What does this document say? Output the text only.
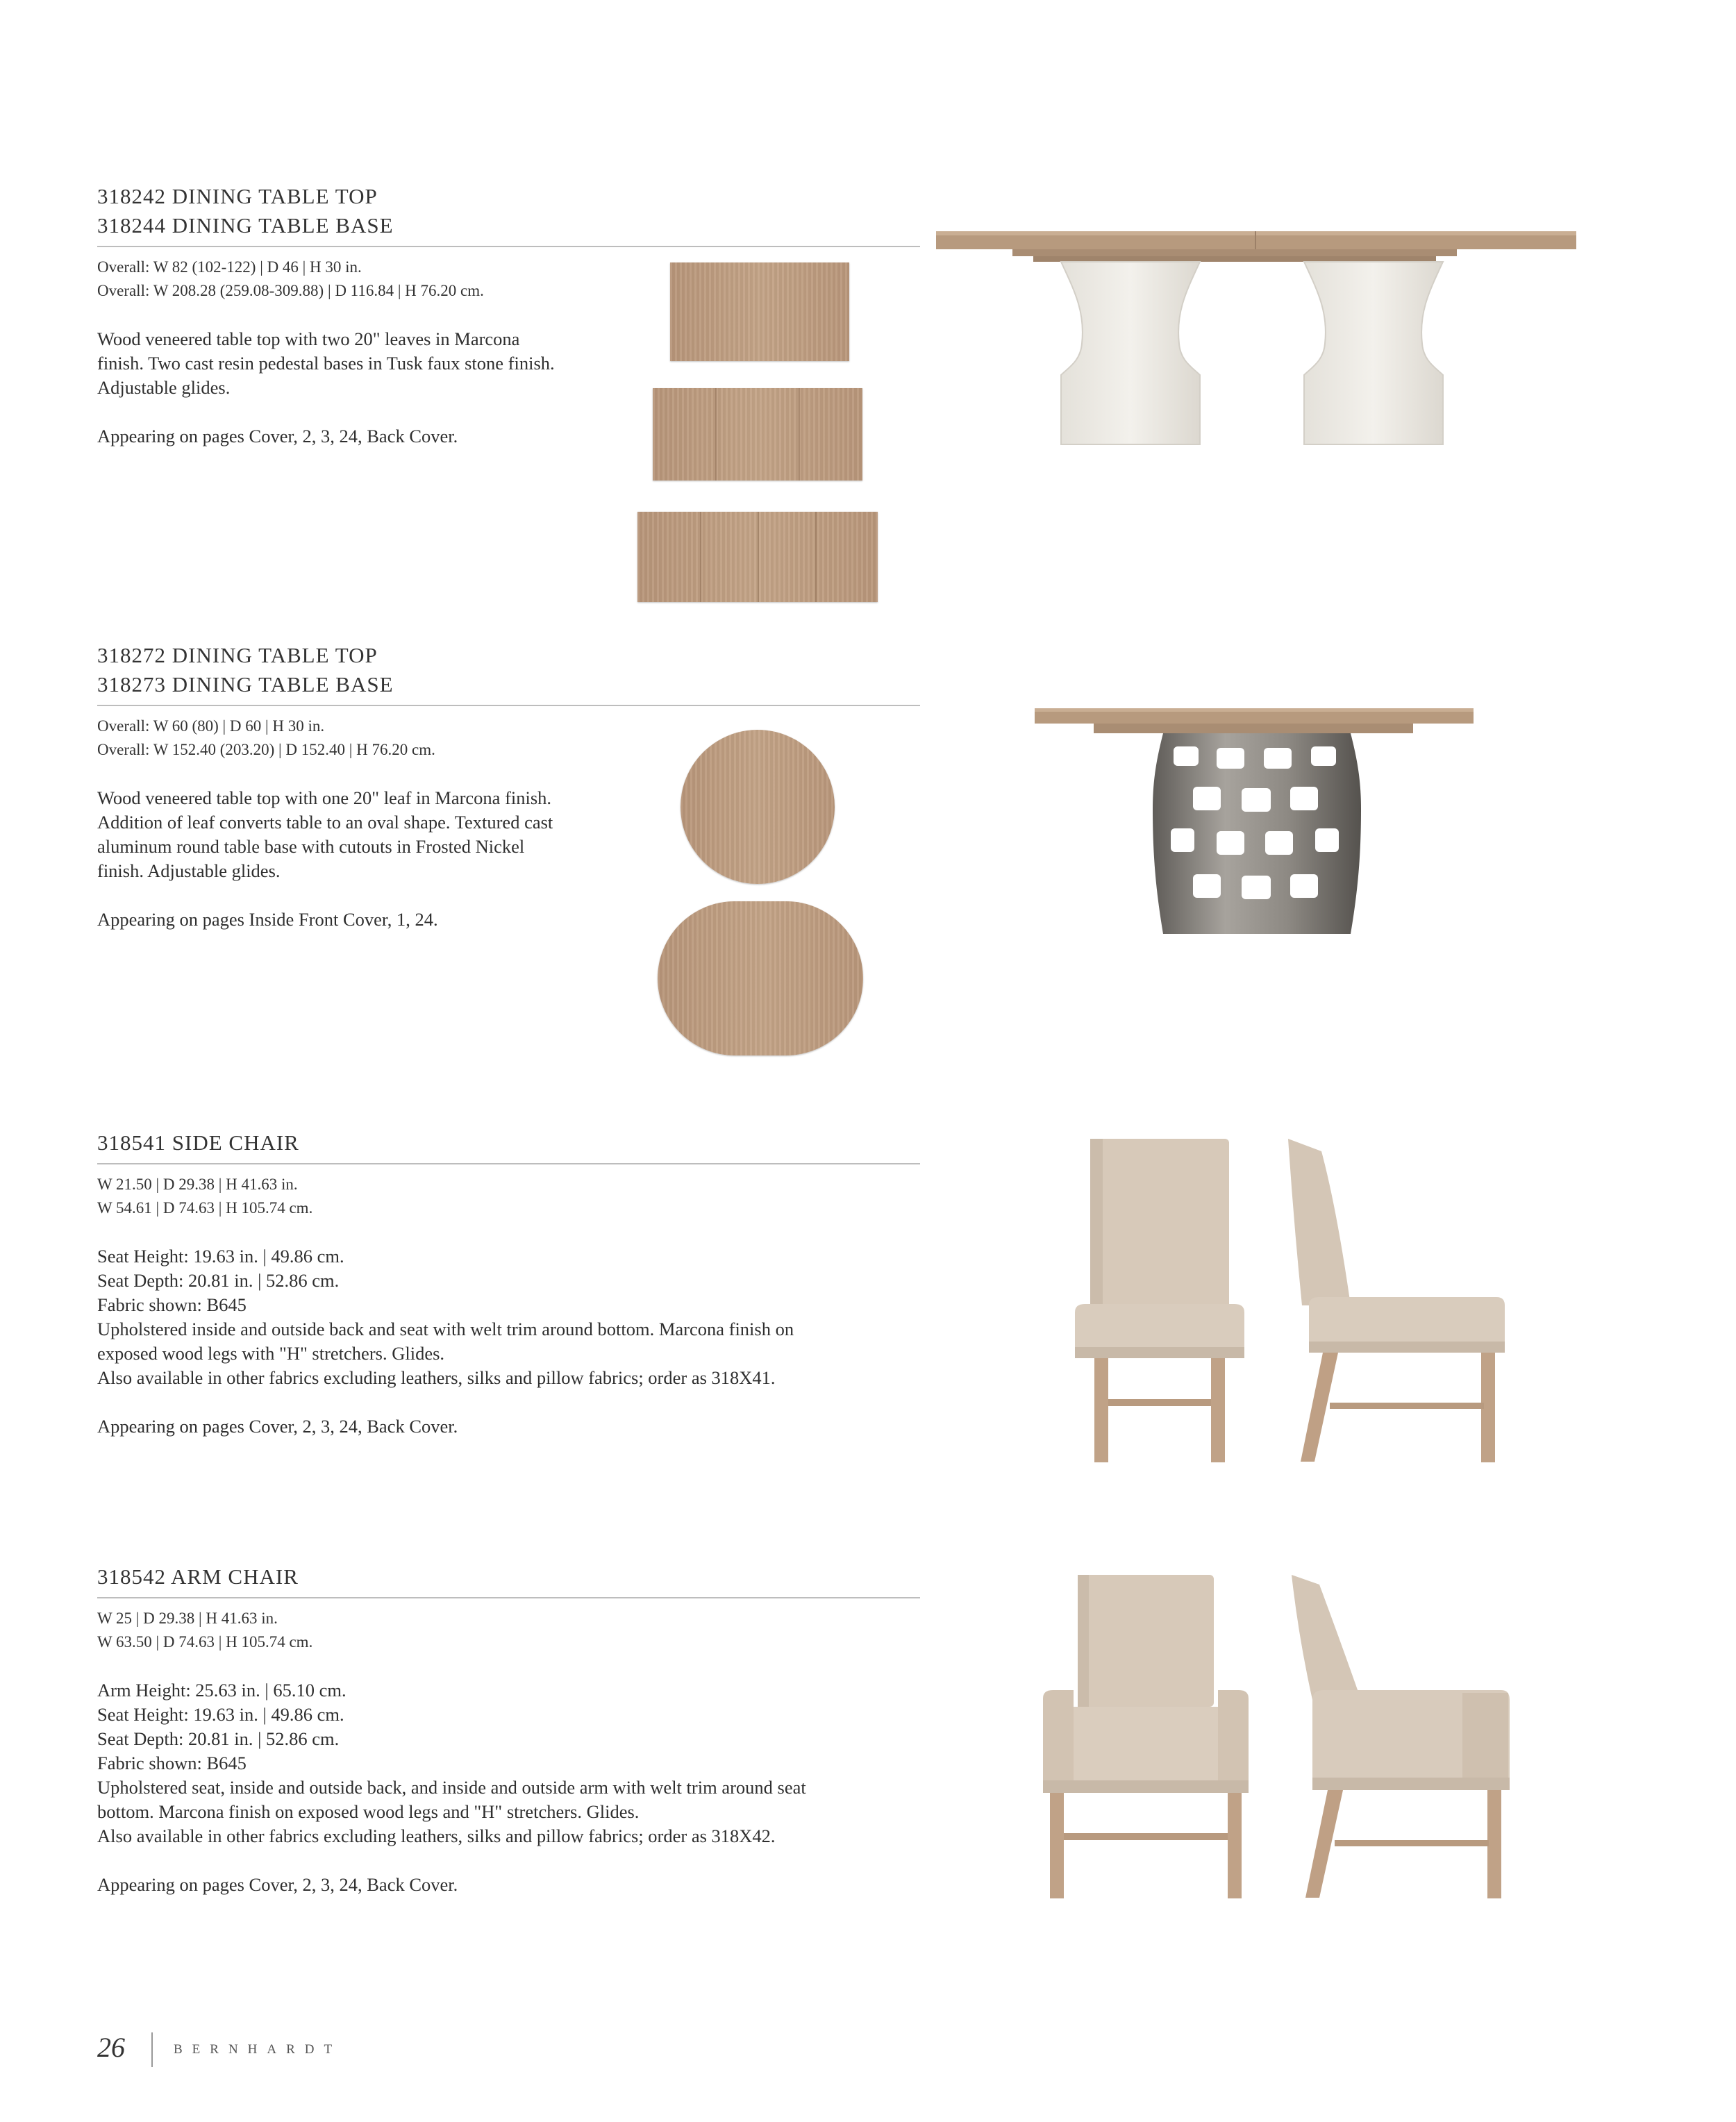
318242 DINING TABLE TOP
318244 DINING TABLE BASE
Overall: W 82 (102-122) | D 46 | H 30 in.
Overall: W 208.28 (259.08-309.88) | D 116.84 | H 76.20 cm.
Wood veneered table top with two 20" leaves in Marcona
finish. Two cast resin pedestal bases in Tusk faux stone finish.
Adjustable glides.
Appearing on pages Cover, 2, 3, 24, Back Cover.
318272 DINING TABLE TOP
318273 DINING TABLE BASE
Overall: W 60 (80) | D 60 | H 30 in.
Overall: W 152.40 (203.20) | D 152.40 | H 76.20 cm.
Wood veneered table top with one 20" leaf in Marcona finish.
Addition of leaf converts table to an oval shape. Textured cast
aluminum round table base with cutouts in Frosted Nickel
finish. Adjustable glides.
Appearing on pages Inside Front Cover, 1, 24.
318541 SIDE CHAIR
W 21.50 | D 29.38 | H 41.63 in.
W 54.61 | D 74.63 | H 105.74 cm.
Seat Height: 19.63 in. | 49.86 cm.
Seat Depth: 20.81 in. | 52.86 cm.
Fabric shown: B645
Upholstered inside and outside back and seat with welt trim around bottom. Marcona finish on
exposed wood legs with "H" stretchers. Glides.
Also available in other fabrics excluding leathers, silks and pillow fabrics; order as 318X41.
Appearing on pages Cover, 2, 3, 24, Back Cover.
318542 ARM CHAIR
W 25 | D 29.38 | H 41.63 in.
W 63.50 | D 74.63 | H 105.74 cm.
Arm Height: 25.63 in. | 65.10 cm.
Seat Height: 19.63 in. | 49.86 cm.
Seat Depth: 20.81 in. | 52.86 cm.
Fabric shown: B645
Upholstered seat, inside and outside back, and inside and outside arm with welt trim around seat
bottom. Marcona finish on exposed wood legs and "H" stretchers. Glides.
Also available in other fabrics excluding leathers, silks and pillow fabrics; order as 318X42.
Appearing on pages Cover, 2, 3, 24, Back Cover.
26	BERNHARDT
